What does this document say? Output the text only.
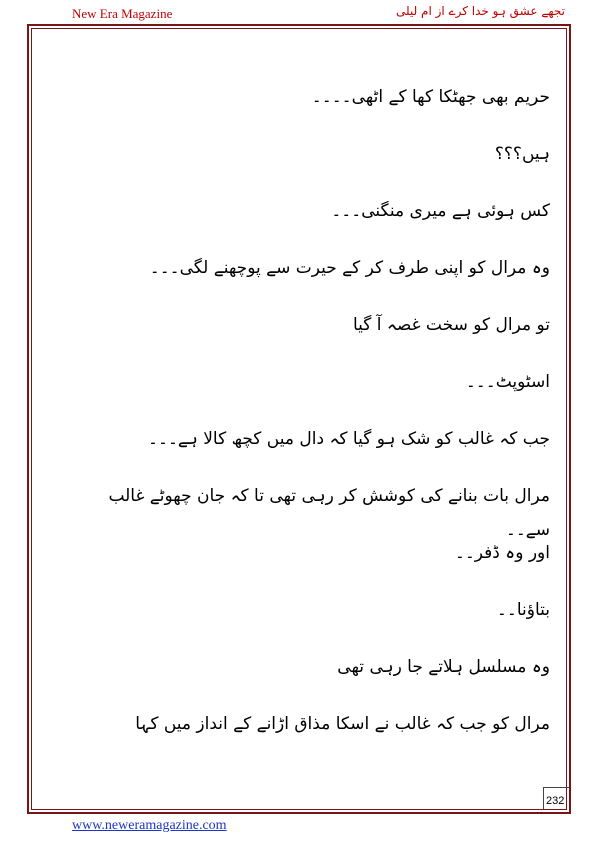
New Era Magazine	تجھے عشق ہو خدا کرے از ام لیلی

حریم بھی جھٹکا کھا کے اٹھی۔۔۔۔

ہیں؟؟؟

کس ہوئی ہے میری منگنی۔۔۔

وہ مرال کو اپنی طرف کر کے حیرت سے پوچھنے لگی۔۔۔

تو مرال کو سخت غصہ آ گیا

اسٹوپٹ۔۔۔

جب کہ غالب کو شک ہو گیا کہ دال میں کچھ کالا ہے۔۔۔

مرال بات بنانے کی کوشش کر رہی تھی تا کہ جان چھوٹے غالب سے۔۔

اور وہ ڈفر۔۔

بتاؤنا۔۔

وہ مسلسل ہلاتے جا رہی تھی

مرال کو جب کہ غالب نے اسکا مذاق اڑانے کے انداز میں کہا

232
www.neweramagazine.com
